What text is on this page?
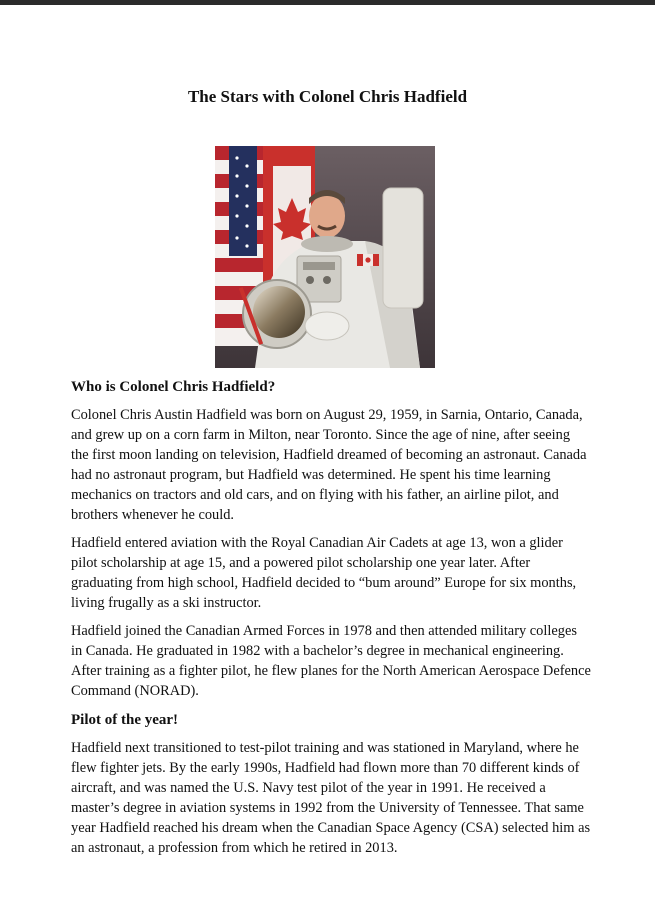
The Stars with Colonel Chris Hadfield
Who is Colonel Chris Hadfield?

Colonel Chris Austin Hadfield was born on August 29, 1959, in Sarnia, Ontario, Canada, and grew up on a corn farm in Milton, near Toronto. Since the age of nine, after seeing the first moon landing on television, Hadfield dreamed of becoming an astronaut. Canada had no astronaut program, but Hadfield was determined. He spent his time learning mechanics on tractors and old cars, and on flying with his father, an airline pilot, and brothers whenever he could.

Hadfield entered aviation with the Royal Canadian Air Cadets at age 13, won a glider pilot scholarship at age 15, and a powered pilot scholarship one year later. After graduating from high school, Hadfield decided to “bum around” Europe for six months, living frugally as a ski instructor.

Hadfield joined the Canadian Armed Forces in 1978 and then attended military colleges in Canada. He graduated in 1982 with a bachelor’s degree in mechanical engineering. After training as a fighter pilot, he flew planes for the North American Aerospace Defence Command (NORAD).

Pilot of the year!

Hadfield next transitioned to test-pilot training and was stationed in Maryland, where he flew fighter jets. By the early 1990s, Hadfield had flown more than 70 different kinds of aircraft, and was named the U.S. Navy test pilot of the year in 1991. He received a master’s degree in aviation systems in 1992 from the University of Tennessee. That same year Hadfield reached his dream when the Canadian Space Agency (CSA) selected him as an astronaut, a profession from which he retired in 2013.
